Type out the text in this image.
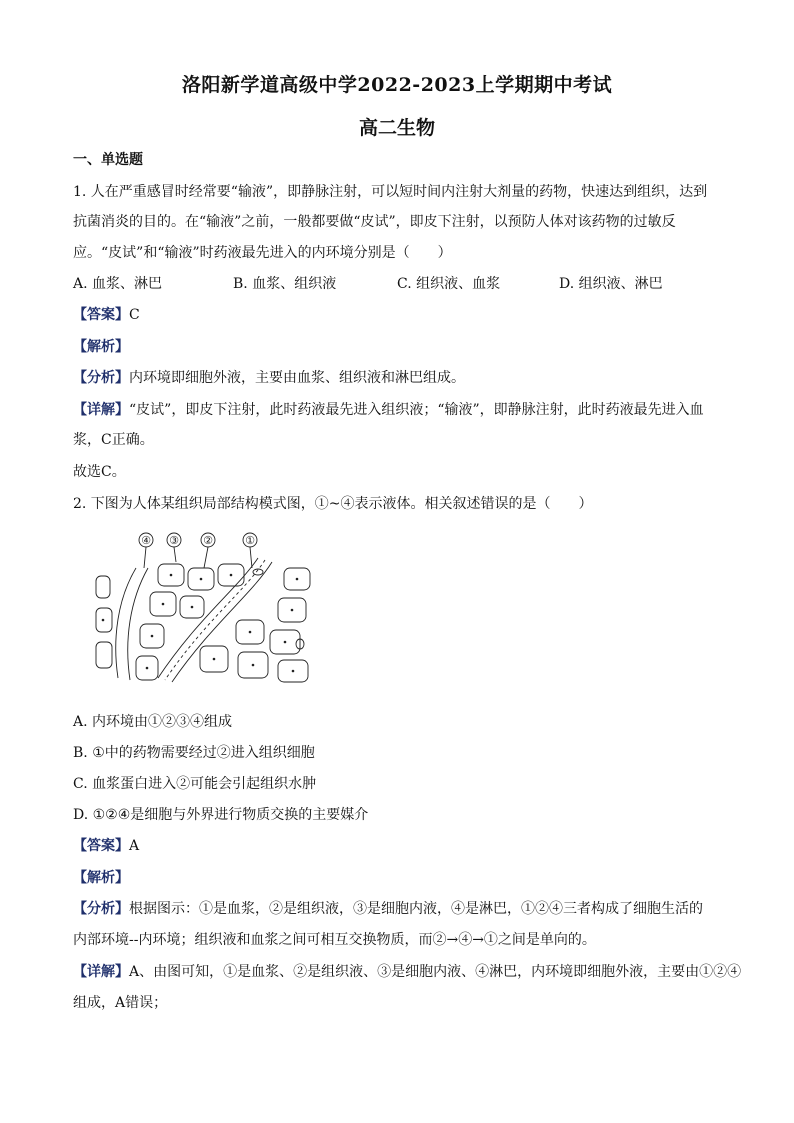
洛阳新学道高级中学2022-2023上学期期中考试
高二生物
一、单选题
1. 人在严重感冒时经常要“输液”，即静脉注射，可以短时间内注射大剂量的药物，快速达到组织，达到
抗菌消炎的目的。在“输液”之前，一般都要做“皮试”，即皮下注射，以预防人体对该药物的过敏反
应。“皮试”和“输液”时药液最先进入的内环境分别是（　　）
A. 血浆、淋巴	B. 血浆、组织液	C. 组织液、血浆	D. 组织液、淋巴
【答案】C
【解析】
【分析】内环境即细胞外液，主要由血浆、组织液和淋巴组成。
【详解】“皮试”，即皮下注射，此时药液最先进入组织液；“输液”，即静脉注射，此时药液最先进入血
浆，C正确。
故选C。
2. 下图为人体某组织局部结构模式图，①~④表示液体。相关叙述错误的是（　　）
④ ③ ②	①
A. 内环境由①②③④组成
B. ①中的药物需要经过②进入组织细胞
C. 血浆蛋白进入②可能会引起组织水肿
D. ①②④是细胞与外界进行物质交换的主要媒介
【答案】A
【解析】
【分析】根据图示：①是血浆，②是组织液，③是细胞内液，④是淋巴，①②④三者构成了细胞生活的
内部环境--内环境；组织液和血浆之间可相互交换物质，而②→④→①之间是单向的。
【详解】A、由图可知，①是血浆、②是组织液、③是细胞内液、④淋巴，内环境即细胞外液，主要由①②④
组成，A错误；
